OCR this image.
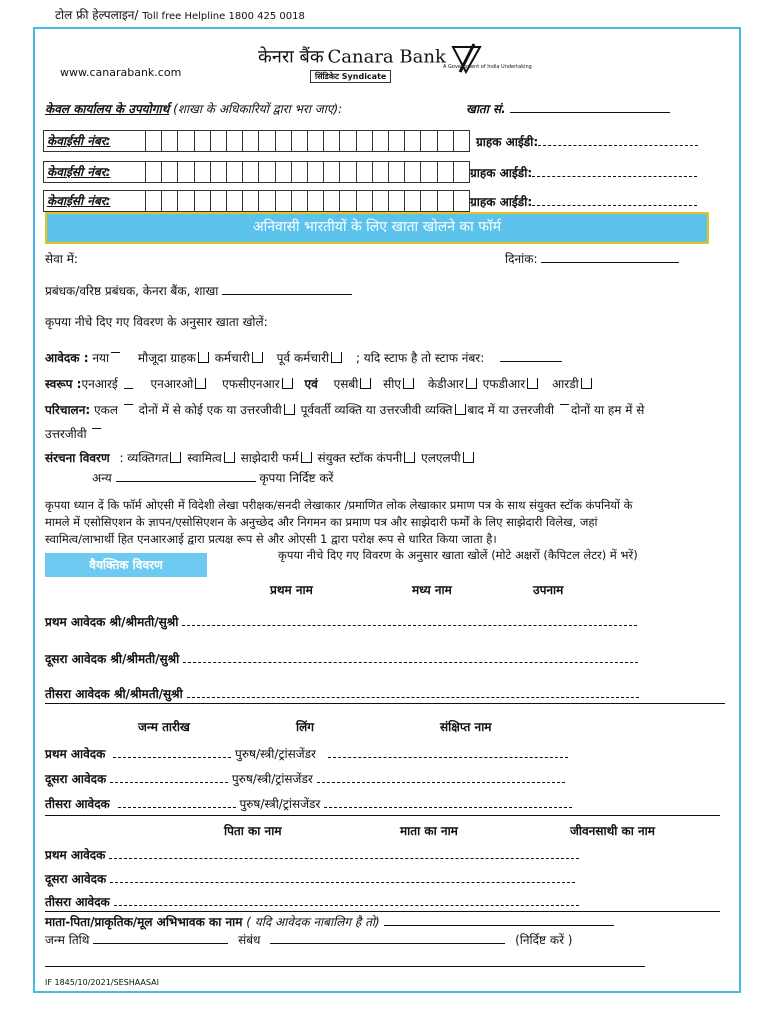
टोल फ्री हेल्पलाइन/ Toll free Helpline 1800 425 0018
www.canarabank.com
केनरा बैंक Canara Bank
A Government of India Undertaking
सिंडिकेट Syndicate
केवल कार्यालय के उपयोगार्थ (शाखा के अधिकारियों द्वारा भरा जाए):	खाता सं.
केवाईसी नंबर:	ग्राहक आईडी:
केवाईसी नंबर:	ग्राहक आईडी:
केवाईसी नंबर:	ग्राहक आईडी:
अनिवासी भारतीयों के लिए खाता खोलने का फॉर्म
सेवा में:	दिनांक:
प्रबंधक/वरिष्ठ प्रबंधक, केनरा बैंक, शाखा
कृपया नीचे दिए गए विवरण के अनुसार खाता खोलें:
आवेदक : नया मौजूदा ग्राहक कर्मचारी पूर्व कर्मचारी ; यदि स्टाफ है तो स्टाफ नंबर:
स्वरूप :एनआरई	एनआरओ एफसीएनआर एवं एसबी सीए केडीआर एफडीआर आरडी
परिचालन: एकल दोनों में से कोई एक या उत्तरजीवी पूर्ववर्ती व्यक्ति या उत्तरजीवी व्यक्ति बाद में या उत्तरजीवी दोनों या हम में से
उत्तरजीवी
संरचना विवरण : व्यक्तिगत स्वामित्व साझेदारी फर्म संयुक्त स्टॉक कंपनी एलएलपी
अन्य	कृपया निर्दिष्ट करें
कृपया ध्यान दें कि फॉर्म ओएसी में विदेशी लेखा परीक्षक/सनदी लेखाकार /प्रमाणित लोक लेखाकार प्रमाण पत्र के साथ संयुक्त स्टॉक कंपनियों के
मामले में एसोसिएशन के ज्ञापन/एसोसिएशन के अनुच्छेद और निगमन का प्रमाण पत्र और साझेदारी फर्मों के लिए साझेदारी विलेख, जहां
स्वामित्व/लाभार्थी हित एनआरआई द्वारा प्रत्यक्ष रूप से और ओएसी 1 द्वारा परोक्ष रूप से धारित किया जाता है।
कृपया नीचे दिए गए विवरण के अनुसार खाता खोलें (मोटे अक्षरों (कैपिटल लेटर) में भरें)
वैयक्तिक विवरण
प्रथम नाम	मध्य नाम	उपनाम
प्रथम आवेदक श्री/श्रीमती/सुश्री
दूसरा आवेदक श्री/श्रीमती/सुश्री
तीसरा आवेदक श्री/श्रीमती/सुश्री
जन्म तारीख	लिंग	संक्षिप्त नाम
प्रथम आवेदक	पुरुष/स्त्री/ट्रांसजेंडर
दूसरा आवेदक	पुरुष/स्त्री/ट्रांसजेंडर
तीसरा आवेदक	पुरुष/स्त्री/ट्रांसजेंडर
पिता का नाम	माता का नाम	जीवनसाथी का नाम
प्रथम आवेदक
दूसरा आवेदक
तीसरा आवेदक
माता-पिता/प्राकृतिक/मूल अभिभावक का नाम ( यदि आवेदक नाबालिग है तो)
जन्म तिथि	संबंध	(निर्दिष्ट करें )
IF 1845/10/2021/SESHAASAI
